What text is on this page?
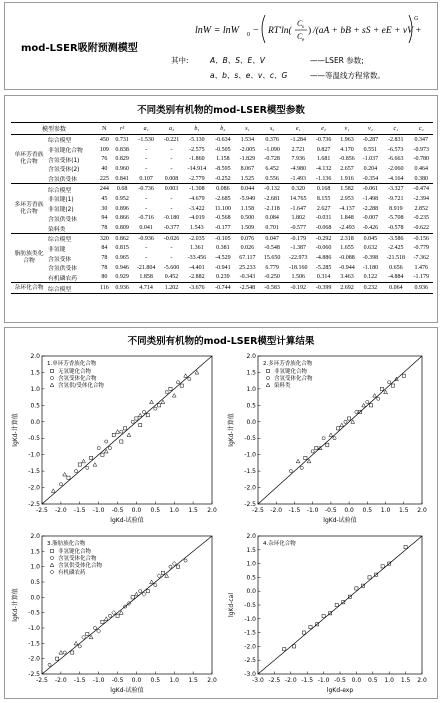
mod-LSER吸附预测模型
lnW = lnW 0 − RT'ln(
C s
C e
) /(aA + bB + sS + eE + vV + c)
G
其中:	A、B、S、E、V	——LSER 参数;
a、b、s、e、v、c、G	——等温线方程常数。
不同类别有机物的mod-LSER模型参数
模型参数		N	r²	a₁	a₂	b₁	b₂	s₁	s₂	e₁	e₂	v₁	v₂	c₁	c₂
单环芳香族化合物	综合模型	450	0.731	-1.530	-0.221	-5.130	-0.634	1.534	0.376	-1.284	-0.736	1.963	-0.287	-2.831	0.347
	非氢键化合物	109	0.838	-	-	-2.575	-0.505	-2.005	-1.090	2.721	0.827	4.170	0.551	-6.573	-0.973
	含氢受体(1)	76	0.829	-	-	-1.860	1.158	-1.829	-0.728	7.936	1.681	-0.856	-1.037	-6.663	-0.780
	含氢受体(2)	40	0.960	-	-	-14.914	-8.595	8.067	6.452	-4.980	-4.132	2.657	0.204	-2.060	0.464
	含氢供受体	225	0.841	0.107	0.008	-2.779	-0.252	1.525	0.556	-1.493	-1.136	1.916	-0.354	-4.164	0.380
多环芳香族化合物	综合模型	244	0.68	-0.736	0.003	-1.308	0.086	0.044	-0.132	0.320	0.168	1.582	-0.061	-3.327	-0.474
	非氢键(1)	45	0.952	-	-	-4.679	-2.685	-5.949	-2.681	14.765	8.155	2.953	-1.498	-9.721	-2.394
	非氢键(2)	30	0.896	-	-	-3.422	11.100	1.158	-2.118	-1.647	2.627	-4.137	-2.288	8.919	2.852
	含氢供受体	94	0.866	-0.716	-0.180	-4.019	-0.568	0.500	0.084	1.802	-0.031	1.848	-0.007	-5.708	-0.235
	染料类	78	0.809	0.041	-0.377	1.543	-0.177	1.509	0.701	-0.577	-0.068	-2.493	-0.426	-0.578	-0.622
脂肪族类化合物	综合模型	320	0.862	-0.936	-0.026	-2.035	-0.105	0.076	0.047	-0.179	-0.292	2.318	0.045	-3.586	-0.156
	非氢键	84	0.815	-	-	1.361	0.381	0.026	-0.548	-1.387	-0.060	1.655	0.632	-2.425	-0.779
	含氢受体	78	0.965	-	-	-33.456	-4.529	67.117	15.650	-22.973	-4.886	-0.088	-0.398	-21.518	-7.362
	含氢供受体	78	0.946	-21.804	-5.600	-4.401	-0.941	25.233	6.779	-18.160	-5.285	-0.944	-1.180	0.656	1.476
	有机磷农药	80	0.929	1.858	0.452	-2.882	0.239	-0.343	-0.250	1.506	0.314	3.463	0.122	-4.884	-1.179
杂环化合物	综合模型	116	0.936	4.714	1.202	-3.676	-0.744	-2.548	-0.583	-0.192	-0.399	2.692	0.232	0.064	0.936
不同类别有机物的mod-LSER模型计算结果
-2.5 -2.0 -1.5 -1.0 -0.5 0.0 0.5 1.0 1.5 2.0
-2.5
-2.0
-1.5
-1.0
-0.5
0.0
0.5
1.0
1.5
2.0
lgKd-试验值
lgKd-计算值
1.单环芳香族化合物
无氢键化合物
含氢受体化合物
含氢供/受体化合物
-2.5 -2.0 -1.5 -1.0 -0.5 0.0 0.5 1.0 1.5 2.0
-2.5
-2.0
-1.5
-1.0
-0.5
0.0
0.5
1.0
1.5
2.0
lgKd-试验值
lgKd-计算值
2.多环芳香族化合物
非氢键化合物
含氢受体化合物
染料类
-2.5 -2.0 -1.5 -1.0 -0.5 0.0 0.5 1.0 1.5 2.0
-2.5
-2.0
-1.5
-1.0
-0.5
0.0
0.5
1.0
1.5
2.0
lgKd-试验值
lgKd-计算值
3.脂肪族化合物
非氢键化合物
含氢受体化合物
含氢供受体化合物
有机磷农药
-3.0 -2.5 -2.0 -1.5 -1.0 -0.5 0.0 0.5 1.0 1.5 2.0
-3.0
-2.5
-2.0
-1.5
-1.0
-0.5
0.0
0.5
1.0
1.5
2.0
lgKd-exp
lgKd-cal
4.杂环化合物
